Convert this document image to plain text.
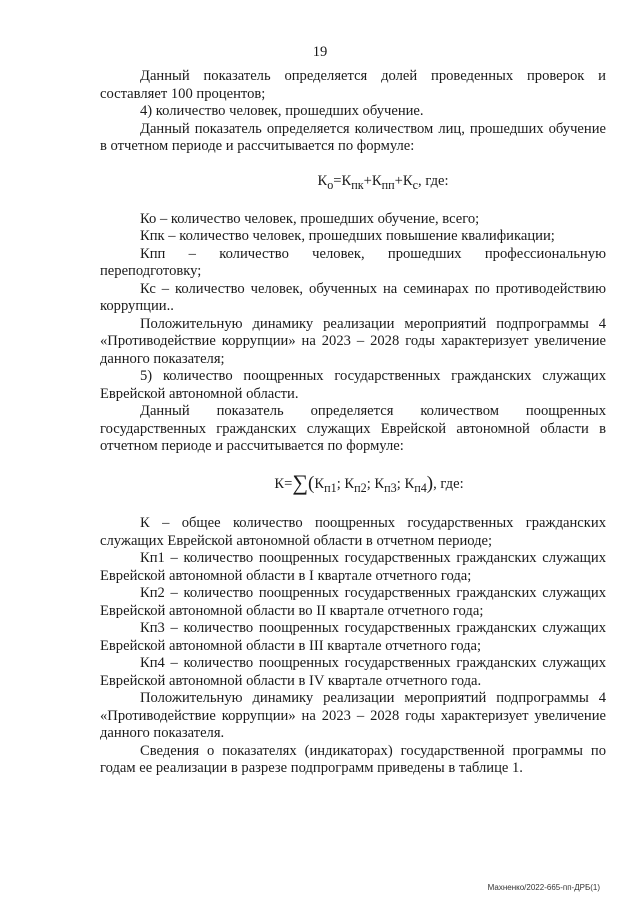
19

Данный показатель определяется долей проведенных проверок и составляет 100 процентов;

4) количество человек, прошедших обучение.

Данный показатель определяется количеством лиц, прошедших обучение в отчетном периоде и рассчитывается по формуле:

$К_о=К_{пк}+К_{пп}+К_с$, где:

Ко – количество человек, прошедших обучение, всего;

Кпк – количество человек, прошедших повышение квалификации;

Кпп – количество человек, прошедших профессиональную переподготовку;

Кс – количество человек, обученных на семинарах по противодействию коррупции..

Положительную динамику реализации мероприятий подпрограммы 4 «Противодействие коррупции» на 2023 – 2028 годы характеризует увеличение данного показателя;

5) количество поощренных государственных гражданских служащих Еврейской автономной области.

Данный показатель определяется количеством поощренных государственных гражданских служащих Еврейской автономной области в отчетном периоде и рассчитывается по формуле:

$К=\sum(К_{п1}$; $К_{п2}$; $К_{п3}$; $К_{п4}$), где:

К – общее количество поощренных государственных гражданских служащих Еврейской автономной области в отчетном периоде;

Кп1 – количество поощренных государственных гражданских служащих Еврейской автономной области в I квартале отчетного года;

Кп2 – количество поощренных государственных гражданских служащих Еврейской автономной области во II квартале отчетного года;

Кп3 – количество поощренных государственных гражданских служащих Еврейской автономной области в III квартале отчетного года;

Кп4 – количество поощренных государственных гражданских служащих Еврейской автономной области в IV квартале отчетного года.

Положительную динамику реализации мероприятий подпрограммы 4 «Противодействие коррупции» на 2023 – 2028 годы характеризует увеличение данного показателя.

Сведения о показателях (индикаторах) государственной программы по годам ее реализации в разрезе подпрограмм приведены в таблице 1.

Махненко/2022-665-пп-ДРБ(1)
